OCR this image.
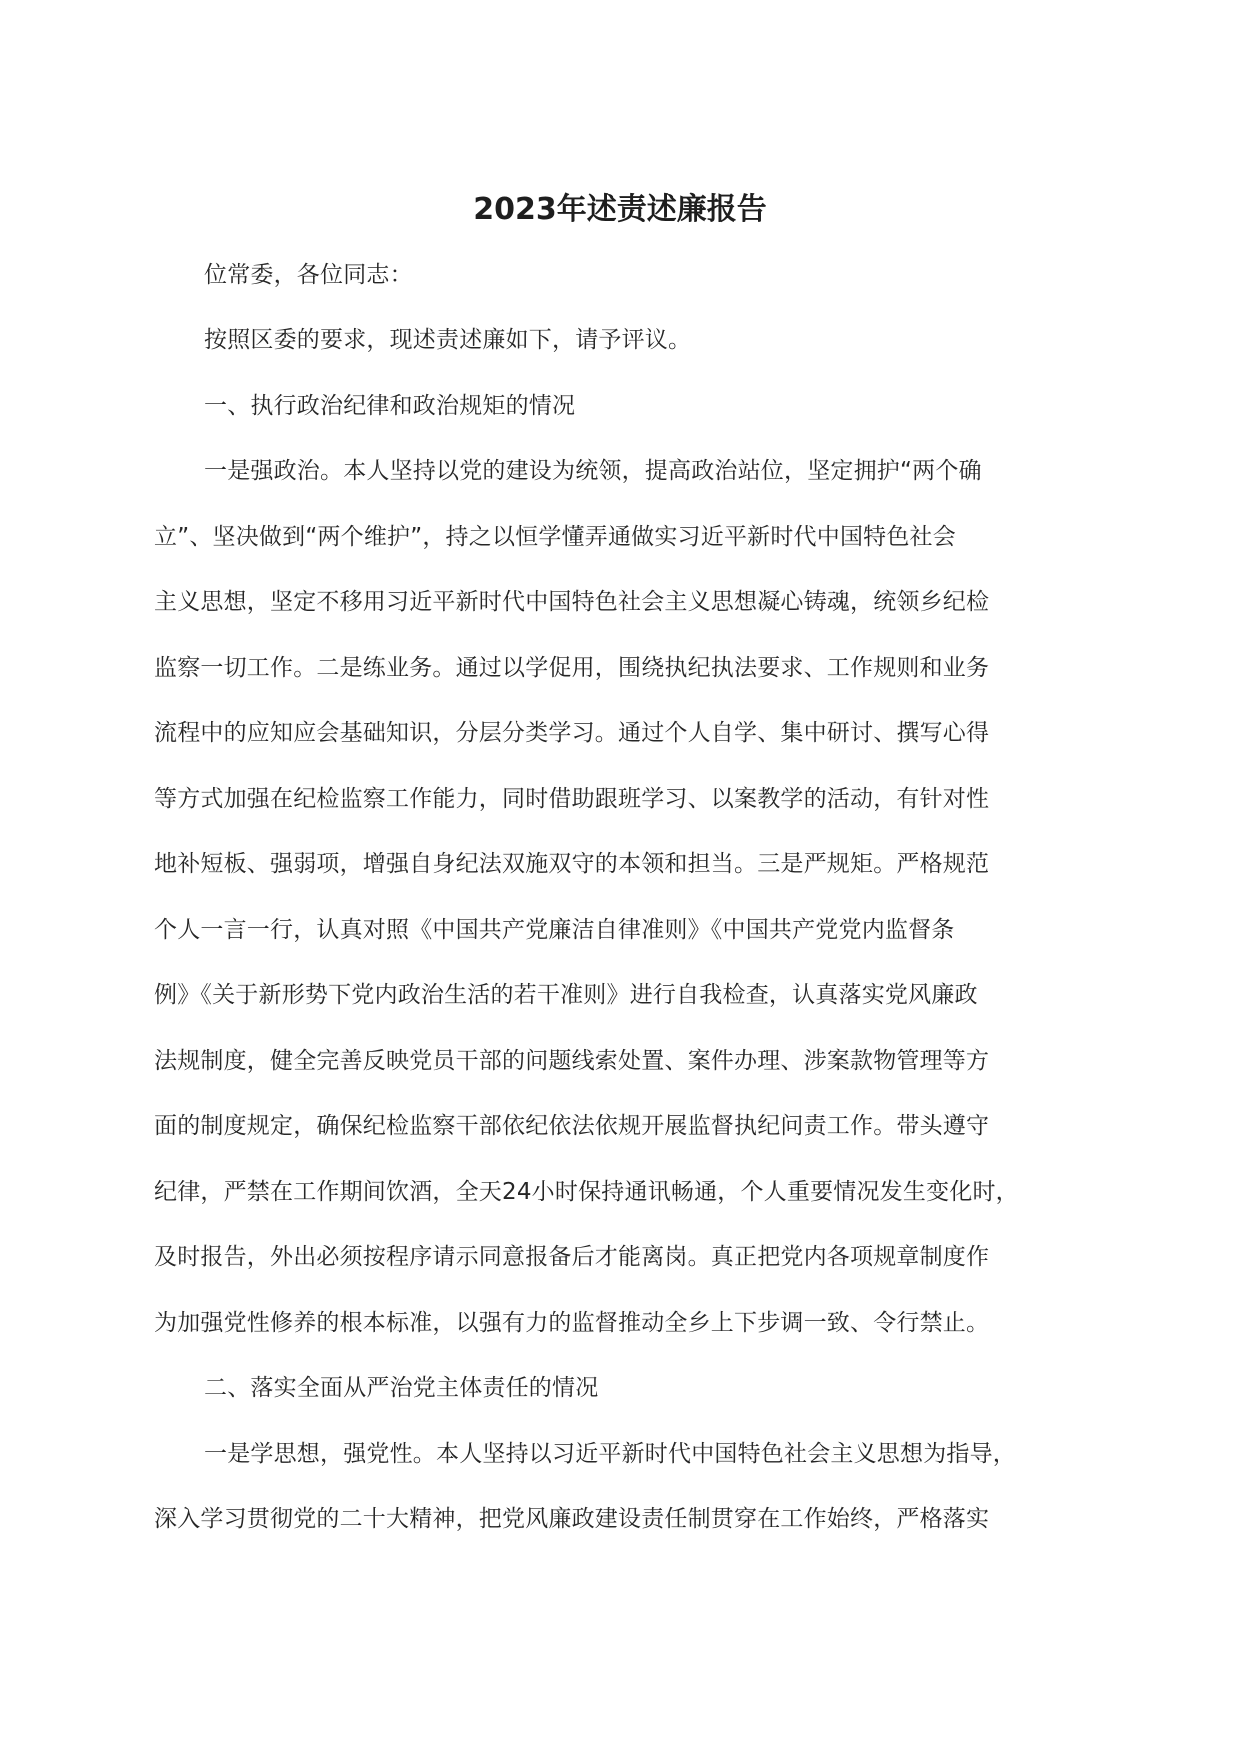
2023年述责述廉报告

位常委，各位同志：

按照区委的要求，现述责述廉如下，请予评议。

一、执行政治纪律和政治规矩的情况

一是强政治。本人坚持以党的建设为统领，提高政治站位，坚定拥护“两个确

立”、坚决做到“两个维护”，持之以恒学懂弄通做实习近平新时代中国特色社会

主义思想，坚定不移用习近平新时代中国特色社会主义思想凝心铸魂，统领乡纪检

监察一切工作。二是练业务。通过以学促用，围绕执纪执法要求、工作规则和业务

流程中的应知应会基础知识，分层分类学习。通过个人自学、集中研讨、撰写心得

等方式加强在纪检监察工作能力，同时借助跟班学习、以案教学的活动，有针对性

地补短板、强弱项，增强自身纪法双施双守的本领和担当。三是严规矩。严格规范

个人一言一行，认真对照《中国共产党廉洁自律准则》《中国共产党党内监督条

例》《关于新形势下党内政治生活的若干准则》进行自我检查，认真落实党风廉政

法规制度，健全完善反映党员干部的问题线索处置、案件办理、涉案款物管理等方

面的制度规定，确保纪检监察干部依纪依法依规开展监督执纪问责工作。带头遵守

纪律，严禁在工作期间饮酒，全天24小时保持通讯畅通，个人重要情况发生变化时，

及时报告，外出必须按程序请示同意报备后才能离岗。真正把党内各项规章制度作

为加强党性修养的根本标准，以强有力的监督推动全乡上下步调一致、令行禁止。

二、落实全面从严治党主体责任的情况

一是学思想，强党性。本人坚持以习近平新时代中国特色社会主义思想为指导，

深入学习贯彻党的二十大精神，把党风廉政建设责任制贯穿在工作始终，严格落实
